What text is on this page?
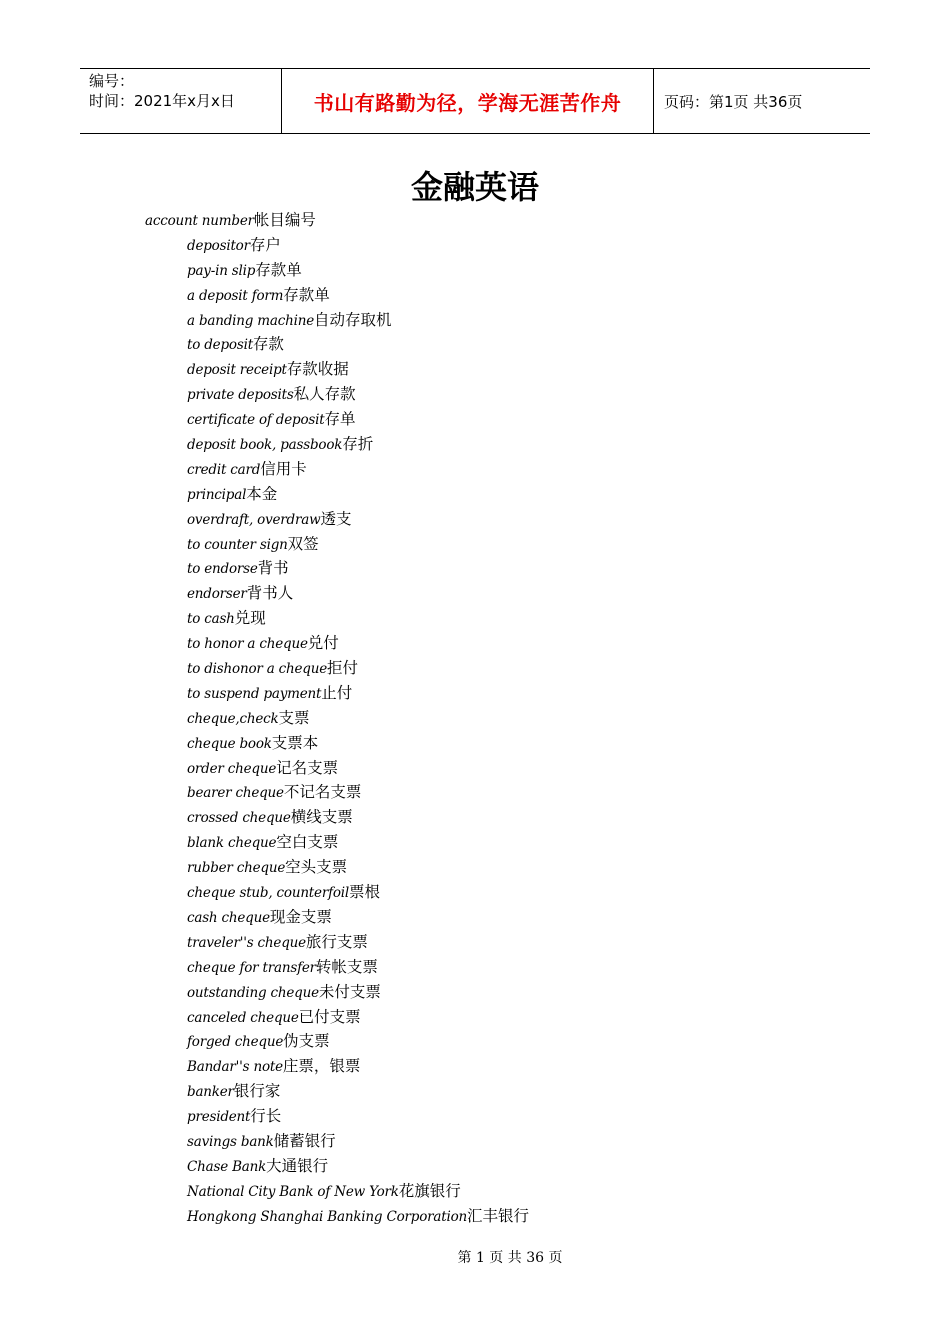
编号：
时间：2021年x月x日	书山有路勤为径，学海无涯苦作舟	页码：第1页 共36页
金融英语
account number帐目编号
depositor存户
pay-in slip存款单
a deposit form存款单
a banding machine自动存取机
to deposit存款
deposit receipt存款收据
private deposits私人存款
certificate of deposit存单
deposit book, passbook存折
credit card信用卡
principal本金
overdraft, overdraw透支
to counter sign双签
to endorse背书
endorser背书人
to cash兑现
to honor a cheque兑付
to dishonor a cheque拒付
to suspend payment止付
cheque,check支票
cheque book支票本
order cheque记名支票
bearer cheque不记名支票
crossed cheque横线支票
blank cheque空白支票
rubber cheque空头支票
cheque stub, counterfoil票根
cash cheque现金支票
traveler''s cheque旅行支票
cheque for transfer转帐支票
outstanding cheque未付支票
canceled cheque已付支票
forged cheque伪支票
Bandar''s note庄票，银票
banker银行家
president行长
savings bank储蓄银行
Chase Bank大通银行
National City Bank of New York花旗银行
Hongkong Shanghai Banking Corporation汇丰银行
第 1 页 共 36 页
